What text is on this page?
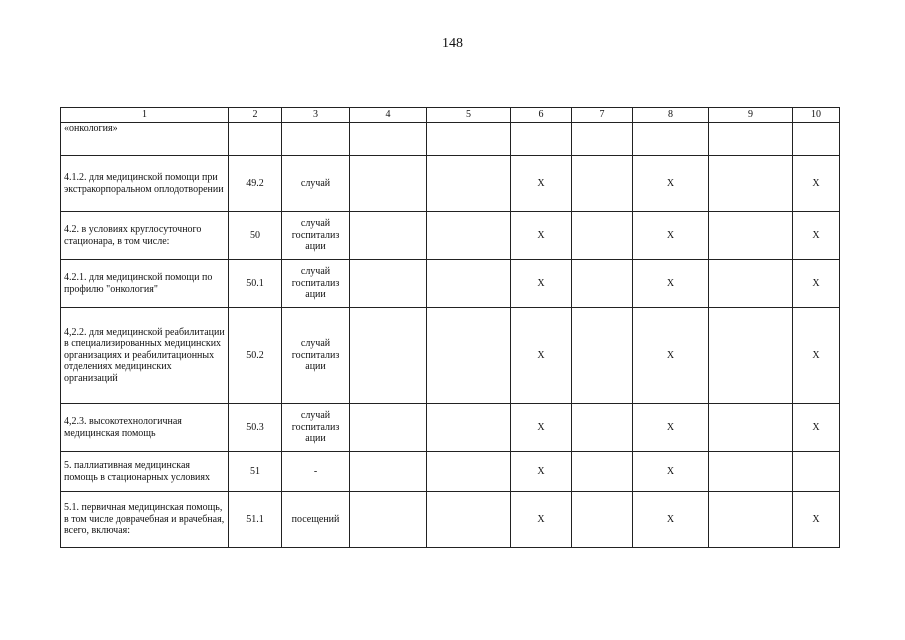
148
1	2	3	4	5	6	7	8	9	10
«онкология»									
4.1.2. для медицинской помощи при экстракорпоральном оплодотворении	49.2	случай			X		X		X
4.2. в условиях круглосуточного стационара, в том числе:	50	случай госпитализ ации			X		X		X
4.2.1. для медицинской помощи по профилю "онкология"	50.1	случай госпитализ ации			X		X		X
4,2.2. для медицинской реабилитации в специализированных медицинских организациях и реабилитационных отделениях медицинских организаций	50.2	случай госпитализ ации			X		X		X
4,2.3. высокотехнологичная медицинская помощь	50.3	случай госпитализ ации			X		X		X
5. паллиативная медицинская помощь в стационарных условиях	51	-			X		X		
5.1. первичная медицинская помощь, в том числе доврачебная и врачебная, всего, включая:	51.1	посещений			X		X		X
